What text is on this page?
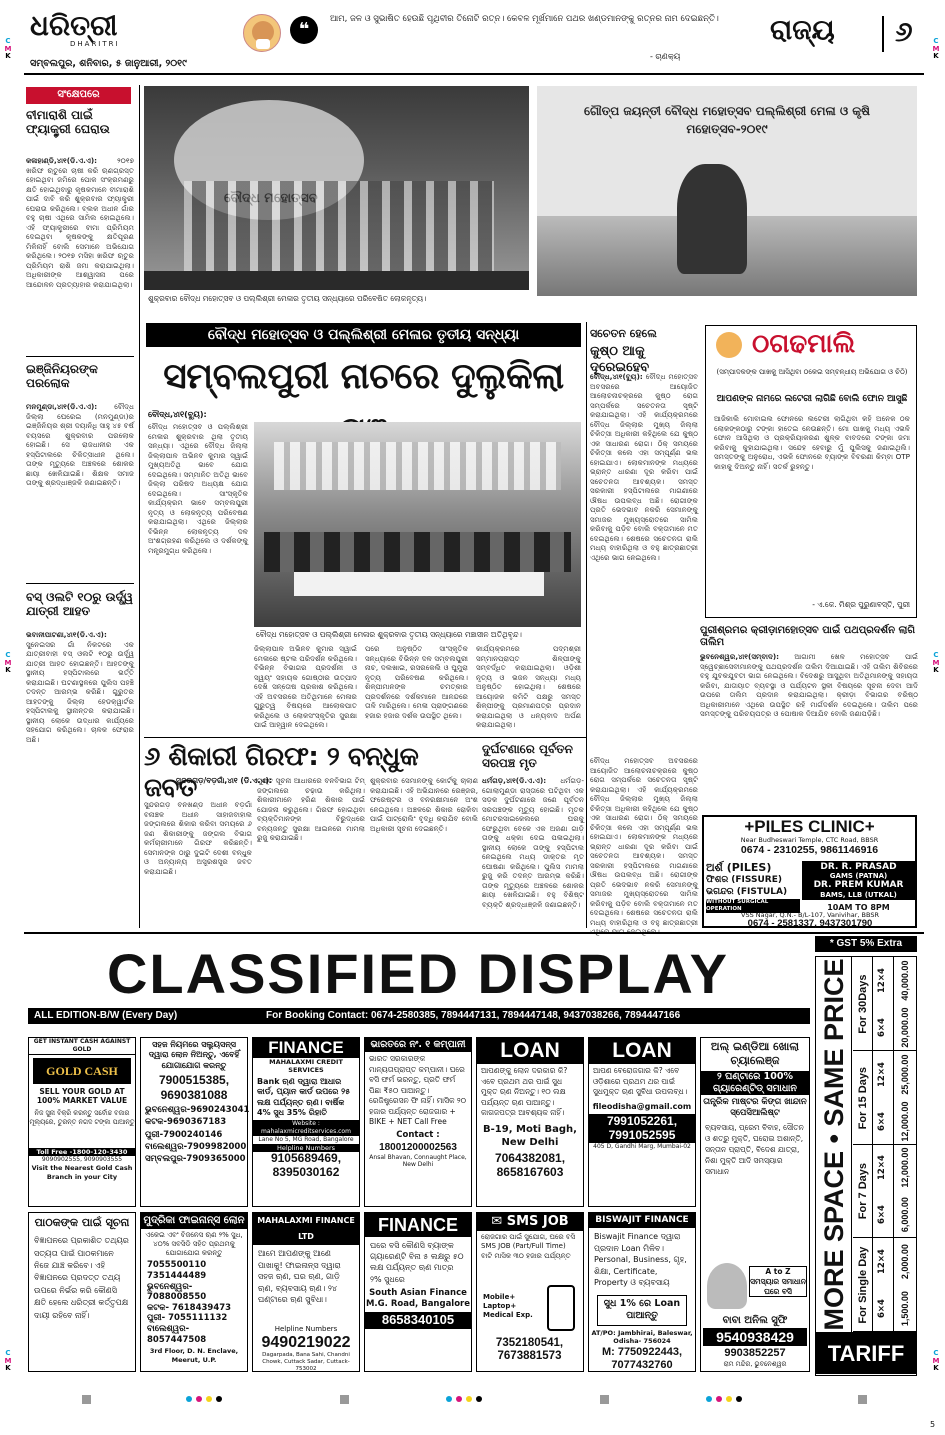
C
M
K
C
M
K
C
M
K
C
M
K
C
M
K
C
M
K
ଧରିତ୍ରୀ
DHARITRI
ସମ୍ବଲପୁର, ଶନିବାର, ୫ ଜାନୁଆରୀ, ୨୦୧୯
❝	ଆମ, ଜଳ ଓ ସୁଭାଷିତ ହେଉଛି ପୃଥିବୀର ତିନୋଟି ରତ୍ନ। କେବଳ ମୂର୍ଖମାନେ ପଥର ଖଣ୍ଡମାନଙ୍କୁ ରତ୍ନର ନାମ ଦେଇଛନ୍ତି।
- ଚାଣକ୍ୟ
ରାଜ୍ୟ ୬
ସଂକ୍ଷେପରେ
ବୀମାରାଶି ପାଇଁ ଫ୍ୟାକ୍ଟ୍ରୀ ଘେରାଉ
କଳାହାଣ୍ଡି,୪ା୧(ଡି.ଏ.ଏ):	୨୦୧୭ ଖରିଫ ଋତୁରେ ଚାଷୀ କରି ଋଣଗ୍ରସ୍ତ ହୋଇଥିବା ଜମିରେ ପୋକ ସଂକ୍ରମଣରୁ କ୍ଷତି ହୋଇଥିବାରୁ କୃଷକମାନେ ବୀମାରାଶି ପାଇଁ ଦାବି କରି ଶୁକ୍ରବାର ଫ୍ୟାକ୍ଟ୍ରୀ ଘେରାଉ କରିଥିଲେ। ବ୍ଲକ ଅଧୀନ ଗାଁର ବହୁ ଚାଷୀ ଏଥିରେ ସାମିଲ ହୋଇଥିଲେ। ଏହି ଫ୍ୟାକ୍ଟ୍ରୀରେ ବୀମା ପ୍ରିମିୟମ ଦେଇଥିବା କୃଷକଙ୍କୁ କ୍ଷତିପୂରଣ ମିଳିନାହିଁ ବୋଲି ସେମାନେ ଅଭିଯୋଗ କରିଥିଲେ। ୨୦୧୭ ମସିହା ଖରିଫ ଋତୁର ପ୍ରିମିୟମ ରାଶି ଜମା କରାଯାଇଥିଲା। ଅଧିକାରୀଙ୍କ ଆଶ୍ୱାସନା ପରେ ଆନ୍ଦୋଳନ ପ୍ରତ୍ୟାହାର କରାଯାଇଥିଲା।
ଇଞ୍ଜିନିୟରଙ୍କ ପରଲୋକ
ମନମୁଣ୍ଡା,୪ା୧(ଡି.ଏ.ଏ): ବୌଦ୍ଧ ଜିଲ୍ଲା ଘେରେଇ (ମନମୁଣ୍ଡା)ର ଇଞ୍ଜିନିୟର ଶ୍ରୀ ଦୟାନିଧି ସାହୁ ୪୫ ବର୍ଷ ବୟସରେ ଶୁକ୍ରବାର ପରଲୋକ ହୋଇଛି। ସେ ରାଜଧାନୀର ଏକ ହସ୍ପିଟାଲରେ ଚିକିତ୍ସାଧୀନ ଥିଲେ। ତାଙ୍କ ମୃତ୍ୟୁରେ ଅଞ୍ଚଳରେ ଶୋକର ଛାୟା ଖେଳିଯାଇଛି। ଶିକ୍ଷକ ସମାଜ ତାଙ୍କୁ ଶ୍ରଦ୍ଧାଞ୍ଜଳି ଜଣାଇଛନ୍ତି।
ବସ୍ ଓଲଟି ୧୦ରୁ ଉର୍ଦ୍ଧ୍ୱ ଯାତ୍ରୀ ଆହତ
ଭବାନୀପାଟଣା,୪ା୧(ଡି.ଏ.ଏ): ସୁନେଇସର ଗାଁ ନିକଟରେ ଏକ ଯାତ୍ରୀବାହୀ ବସ୍ ଓଲଟି ୧୦ରୁ ଉର୍ଦ୍ଧ୍ୱ ଯାତ୍ରୀ ଆହତ ହୋଇଛନ୍ତି। ଆହତଙ୍କୁ ସ୍ଥାନୀୟ ହସ୍ପିଟାଲରେ ଭର୍ତ୍ତି କରାଯାଇଛି। ଘଟଣାସ୍ଥଳରେ ପୁଲିସ ପହଞ୍ଚି ତଦନ୍ତ ଆରମ୍ଭ କରିଛି। ଗୁରୁତର ଆହତଙ୍କୁ ଜିଲ୍ଲା ହେଡକ୍ୱାର୍ଟର ହସ୍ପିଟାଲକୁ ସ୍ଥାନାନ୍ତର କରାଯାଇଛି। ସ୍ଥାନୀୟ ଲୋକେ ଉଦ୍ଧାର କାର୍ଯ୍ୟରେ ସହଯୋଗ କରିଥିଲେ। ଚାଳକ ଫେରାର ଅଛି।
ଗୌତ୍ପ ଜୟନ୍ତୀ ବୌଦ୍ଧ ମହୋତ୍ସବ ପଲ୍ଲିଶ୍ରୀ ମେଳା ଓ କୃଷି ମହୋତ୍ସବ-୨୦୧୯
ଶୁକ୍ରବାର ବୌଦ୍ଧ ମହୋତ୍ସବ ଓ ପଲ୍ଲିଶ୍ରୀ ମେଳାର ତୃତୀୟ ସନ୍ଧ୍ୟାରେ ପରିବେଷିତ ଲୋକନୃତ୍ୟ।
ବୌଦ୍ଧ ମହୋତ୍ସବ ଓ ପଲ୍ଲିଶ୍ରୀ ମେଳାର ତୃତୀୟ ସନ୍ଧ୍ୟା
ସମ୍ବଲପୁରୀ ନାଚରେ ଦୁଲୁକିଲା
ବୌଦ୍ଧ,୪ା୧(ବ୍ୟୁ):
ବୌଦ୍ଧ ମହୋତ୍ସବ ଓ ପଲ୍ଲିଶ୍ରୀ ମେଳାର ଶୁକ୍ରବାର ଥିଲା ତୃତୀୟ ସନ୍ଧ୍ୟା। ଏଥିରେ ବୌଦ୍ଧ ଜିଲ୍ଲା ଜିଲ୍ଲାପାଳ ଅଭିନବ କୁମାର ସ୍ୱାଇଁ ମୁଖ୍ୟଅତିଥି ଭାବେ ଯୋଗ ଦେଇଥିଲେ। ସମ୍ମାନିତ ଅତିଥି ଭାବେ ଜିଲ୍ଲା ପରିଷଦ ଅଧ୍ୟକ୍ଷ ଯୋଗ ଦେଇଥିଲେ। ସାଂସ୍କୃତିକ କାର୍ଯ୍ୟକ୍ରମ ଭାବେ ସମ୍ବଲପୁରୀ ନୃତ୍ୟ ଓ ଲୋକନୃତ୍ୟ ପରିବେଷଣ କରାଯାଇଥିଲା। ଏଥିରେ ଜିଲ୍ଲାର ବିଭିନ୍ନ ଲୋକନୃତ୍ୟ ଦଳ ଅଂଶଗ୍ରହଣ କରିଥିଲେ ଓ ଦର୍ଶକଙ୍କୁ ମନ୍ତ୍ରମୁଗ୍ଧ କରିଥିଲେ।
ବୌଦ୍ଧ ମହୋତ୍ସବ ଓ ପଲ୍ଲିଶ୍ରୀ ମେଳାର ଶୁକ୍ରବାର ତୃତୀୟ ସନ୍ଧ୍ୟାରେ ମଞ୍ଚାସୀନ ଅତିଥିବୃନ୍ଦ।
ଜିଲ୍ଲାପାଳ ଅଭିନବ କୁମାର ସ୍ୱାଇଁ ମେଳାରେ ଷ୍ଟଲ ପରିଦର୍ଶନ କରିଥିଲେ। ବିଭିନ୍ନ ବିଭାଗର ପ୍ରଦର୍ଶନୀ ଓ ସ୍ୱୟଂ ସହାୟକ ଗୋଷ୍ଠୀର ଉତ୍ପାଦ ଦେଖି ସନ୍ତୋଷ ପ୍ରକାଶ କରିଥିଲେ। ଏହି ଅବସରରେ ଅତିଥିମାନେ ମେଳାର ଗୁରୁତ୍ୱ ବିଷୟରେ ଆଲୋକପାତ କରିଥିଲେ ଓ ଲୋକସଂସ୍କୃତିର ସୁରକ୍ଷା ପାଇଁ ଆହ୍ୱାନ ଦେଇଥିଲେ।
ପରେ ଅନୁଷ୍ଠିତ ସାଂସ୍କୃତିକ ସନ୍ଧ୍ୟାରେ ବିଭିନ୍ନ ଦଳ ସମ୍ବଲପୁରୀ ନାଚ, ଦଲଖାଇ, ରସରକେଲି ଓ ଘୁମୁରା ନୃତ୍ୟ ପରିବେଷଣ କରିଥିଲେ। ଶିଳ୍ପୀମାନଙ୍କ ଚମତ୍କାର ପ୍ରଦର୍ଶନରେ ଦର୍ଶକମାନେ ଆନନ୍ଦରେ ତାଳି ମାରିଥିଲେ। ମେଳା ପ୍ରାଙ୍ଗଣରେ ହଜାର ହଜାର ଦର୍ଶକ ଉପସ୍ଥିତ ଥିଲେ।
କାର୍ଯ୍ୟକ୍ରମରେ ପଦ୍ମଶ୍ରୀ ସମ୍ମାନପ୍ରାପ୍ତ ଶିଳ୍ପୀଙ୍କୁ ସମ୍ବର୍ଦ୍ଧିତ କରାଯାଇଥିଲା। ଓଡ଼ିଶୀ ନୃତ୍ୟ ଓ ଭଜନ ସନ୍ଧ୍ୟା ମଧ୍ୟ ଅନୁଷ୍ଠିତ ହୋଇଥିଲା। ଶେଷରେ ଆୟୋଜକ କମିଟି ପକ୍ଷରୁ ସମସ୍ତ ଶିଳ୍ପୀଙ୍କୁ ପ୍ରମାଣପତ୍ର ପ୍ରଦାନ କରାଯାଇଥିଲା ଓ ଧନ୍ୟବାଦ ଅର୍ପଣ କରାଯାଇଥିଲା।
ସଚେତନ ହେଲେ
କୁଷ୍ଠ ଆକୁ ଦୂରେଇହେବ
ବୌଦ୍ଧ,୪ା୧(ବ୍ୟୁ): ବୌଦ୍ଧ ମହୋତ୍ସବ ଅବସରରେ ଆୟୋଜିତ ଆଲୋଚନାଚକ୍ରରେ କୁଷ୍ଠ ରୋଗ ସମ୍ପର୍କରେ ସଚେତନତା ସୃଷ୍ଟି କରାଯାଇଥିଲା। ଏହି କାର୍ଯ୍ୟକ୍ରମରେ ବୌଦ୍ଧ ଜିଲ୍ଲାର ମୁଖ୍ୟ ଜିଲ୍ଲା ଚିକିତ୍ସା ଅଧିକାରୀ କହିଥିଲେ ଯେ କୁଷ୍ଠ ଏକ ସାଧାରଣ ରୋଗ। ଠିକ୍ ସମୟରେ ଚିକିତ୍ସା କଲେ ଏହା ସମ୍ପୂର୍ଣ୍ଣ ଭଲ ହୋଇଯାଏ। ଲୋକମାନଙ୍କ ମଧ୍ୟରେ ଭ୍ରାନ୍ତ ଧାରଣା ଦୂର କରିବା ପାଇଁ ସଚେତନତା ଆବଶ୍ୟକ। ସମସ୍ତ ସରକାରୀ ହସ୍ପିଟାଲରେ ମାଗଣାରେ ଔଷଧ ଉପଲବ୍ଧ ଅଛି। ରୋଗୀଙ୍କ ପ୍ରତି ଭେଦଭାବ ନକରି ସେମାନଙ୍କୁ ସମାଜର ମୁଖ୍ୟସ୍ରୋତରେ ସାମିଲ କରିବାକୁ ପଡ଼ିବ ବୋଲି ବକ୍ତାମାନେ ମତ ଦେଇଥିଲେ। ଶେଷରେ ସଚେତନତା ରାଲି ମଧ୍ୟ ବାହାରିଥିଲା ଓ ବହୁ ଛାତ୍ରଛାତ୍ରୀ ଏଥିରେ ଭାଗ ନେଇଥିଲେ।
ଠଗଢମାଲି
(ସମ୍ପାଦକଙ୍କ ପାଖକୁ ଆସିଥିବା ଠକେଇ ସମ୍ବନ୍ଧୀୟ ଅଭିଯୋଗ ଓ ଚିଠି)
ଆପଣଙ୍କ ନାମରେ ଲଟେରୀ ଲାଗିଛି ବୋଲି ଫୋନ ଆସୁଛି
ଆଜିକାଲି ମୋବାଇଲ ଫୋନରେ ଲଟେରୀ ଲାଗିଥିବା କହି ଅନେକ ଠକ ଲୋକଙ୍କଠାରୁ ଟଙ୍କା ହାତେଇ ନେଉଛନ୍ତି। ମୋ ପାଖକୁ ମଧ୍ୟ ଏଭଳି ଫୋନ ଆସିଥିଲା ଓ ପ୍ରକ୍ରିୟାକରଣ ଶୁଳ୍କ ବାବଦରେ ଟଙ୍କା ଜମା କରିବାକୁ କୁହାଯାଇଥିଲା। ସନ୍ଦେହ ହେବାରୁ ମୁଁ ପୁଲିସକୁ ଜଣାଇଥିଲି। ସମସ୍ତଙ୍କୁ ଅନୁରୋଧ, ଏଭଳି ଫୋନରେ ବ୍ୟାଙ୍କ ବିବରଣୀ କିମ୍ବା OTP କାହାକୁ ଦିଅନ୍ତୁ ନାହିଁ। ସତର୍କ ରୁହନ୍ତୁ।
- ଏ.କେ. ମିଶ୍ର ପୁରୁଣାବସ୍ତି, ପୁରୀ
ପୁରୀଶ୍ରମର କ୍ରୀଡ଼ାମହୋତ୍ସବ ପାଇଁ ପଥପ୍ରଦର୍ଶନ ଲାଗି ତାଲିମ
ଭୁବନେଶ୍ୱର,୪ା୧(ସମ୍ବାଦ): ଆଗାମୀ ଖେଳ ମହୋତ୍ସବ ପାଇଁ ସ୍ୱେଚ୍ଛାସେବୀମାନଙ୍କୁ ପଥପ୍ରଦର୍ଶନ ତାଲିମ ଦିଆଯାଇଛି। ଏହି ତାଲିମ ଶିବିରରେ ବହୁ ଯୁବକଯୁବତୀ ଭାଗ ନେଇଥିଲେ। ବିଦେଶରୁ ଆସୁଥିବା ଅତିଥିମାନଙ୍କୁ ସହାୟତା କରିବା, ଯାତାୟାତ ବ୍ୟବସ୍ଥା ଓ ପର୍ଯ୍ୟଟନ ସ୍ଥଳୀ ବିଷୟରେ ସୂଚନା ଦେବା ଆଦି ଉପରେ ତାଲିମ ପ୍ରଦାନ କରାଯାଇଥିଲା। କ୍ରୀଡ଼ା ବିଭାଗର ବରିଷ୍ଠ ଅଧିକାରୀମାନେ ଏଥିରେ ଉପସ୍ଥିତ ରହି ମାର୍ଗଦର୍ଶନ ଦେଇଥିଲେ। ତାଲିମ ପରେ ସମସ୍ତଙ୍କୁ ପରିଚୟପତ୍ର ଓ ପୋଷାକ ଦିଆଯିବ ବୋଲି ଜଣାପଡ଼ିଛି।
+PILES CLINIC+
Near Budheswari Temple, CTC Road, BBSR
0674 - 2310255, 9861146916
ଅର୍ଶ (PILES)
ଫିଶର (FISSURE)
ଭଗନ୍ଦର (FISTULA)
WITHOUT SURGICAL OPERATION
DR. R. PRASAD
GAMS (PATNA)
DR. PREM KUMAR
BAMS, LLB (UTKAL)
10AM TO 8PM
VSS Nagar, Q.N.- B/L-107, Vanivihar, BBSR
0674 - 2581337, 9437301790
୬ ଶିକାରୀ ଗିରଫ: ୨ ବନ୍ଧୁକ ଜବତ
ସୁନ୍ଦରଗଡ଼/ବଡ଼ଗାଁ,୪ା୧ (ଡି.ଏ.ଏ):
ସୁନ୍ଦରଗଡ଼ ବନଖଣ୍ଡ ଅଧୀନ ବଡ଼ଗାଁ ବନାଞ୍ଚଳ ଅଧୀନ ସାହାଜବାହାଲ ଜଙ୍ଗଲରେ ଶିକାର କରିବା ସମୟରେ ୬ ଜଣ ଶିକାରୀଙ୍କୁ ଜଙ୍ଗଲ ବିଭାଗ କର୍ମଚାରୀମାନେ ଗିରଫ କରିଛନ୍ତି। ସେମାନଙ୍କ ଠାରୁ ଦୁଇଟି ଦେଶୀ ବନ୍ଧୁକ ଓ ଅନ୍ୟାନ୍ୟ ଅସ୍ତ୍ରଶସ୍ତ୍ର ଜବତ କରାଯାଇଛି।
ଗୁପ୍ତ ସୂଚନା ଆଧାରରେ ବନବିଭାଗ ଟିମ୍ ଜଙ୍ଗଲରେ ଚଢ଼ାଉ କରିଥିଲା। ଶିକାରୀମାନେ ହରିଣ ଶିକାର ପାଇଁ ଯୋଜନା କରୁଥିଲେ। ଗିରଫ ହୋଇଥିବା ବ୍ୟକ୍ତିମାନଙ୍କ ବିରୁଦ୍ଧରେ ବନ୍ୟଜନ୍ତୁ ସୁରକ୍ଷା ଆଇନରେ ମାମଲା ରୁଜୁ କରାଯାଇଛି।
ଶୁକ୍ରବାର ସେମାନଙ୍କୁ କୋର୍ଟକୁ ଚାଲାଣ କରାଯାଇଛି। ଏହି ଅଭିଯାନରେ ରେଞ୍ଜର, ଫରେଷ୍ଟର ଓ ବନରକ୍ଷୀମାନେ ଅଂଶ ନେଇଥିଲେ। ଅଞ୍ଚଳରେ ଶିକାର ରୋକିବା ପାଇଁ ପାଟ୍ରୋଲିଂ ବୃଦ୍ଧି କରାଯିବ ବୋଲି ଅଧିକାରୀ ସୂଚନା ଦେଇଛନ୍ତି।
ଦୁର୍ଘଟଣାରେ ପୂର୍ବତନ ସରପଞ୍ଚ ମୃତ
ଧର୍ମଗଡ଼,୪ା୧(ଡି.ଏ.ଏ): ଧର୍ମଗଡ଼-ଗୋଲାମୁଣ୍ଡା ରାସ୍ତାରେ ଘଟିଥିବା ଏକ ସଡ଼କ ଦୁର୍ଘଟଣାରେ ଜଣେ ପୂର୍ବତନ ସରପଞ୍ଚଙ୍କ ମୃତ୍ୟୁ ହୋଇଛି। ମୃତକ ମୋଟରସାଇକେଲରେ ଘରକୁ ଫେରୁଥିବା ବେଳେ ଏକ ଅଜଣା ଗାଡ଼ି ତାଙ୍କୁ ଧକ୍କା ଦେଇ ପଳାଇଥିଲା। ସ୍ଥାନୀୟ ଲୋକେ ତାଙ୍କୁ ହସ୍ପିଟାଲ ନେଇଥିଲେ ମଧ୍ୟ ଡାକ୍ତର ମୃତ ଘୋଷଣା କରିଥିଲେ। ପୁଲିସ ମାମଲା ରୁଜୁ କରି ତଦନ୍ତ ଆରମ୍ଭ କରିଛି। ତାଙ୍କ ମୃତ୍ୟୁରେ ଅଞ୍ଚଳରେ ଶୋକର ଛାୟା ଖେଳିଯାଇଛି। ବହୁ ବିଶିଷ୍ଟ ବ୍ୟକ୍ତି ଶ୍ରଦ୍ଧାଞ୍ଜଳି ଜଣାଇଛନ୍ତି।
ବୌଦ୍ଧ ମହୋତ୍ସବ ଅବସରରେ ଆୟୋଜିତ ଆଲୋଚନାଚକ୍ରରେ କୁଷ୍ଠ ରୋଗ ସମ୍ପର୍କରେ ସଚେତନତା ସୃଷ୍ଟି କରାଯାଇଥିଲା। ଏହି କାର୍ଯ୍ୟକ୍ରମରେ ବୌଦ୍ଧ ଜିଲ୍ଲାର ମୁଖ୍ୟ ଜିଲ୍ଲା ଚିକିତ୍ସା ଅଧିକାରୀ କହିଥିଲେ ଯେ କୁଷ୍ଠ ଏକ ସାଧାରଣ ରୋଗ। ଠିକ୍ ସମୟରେ ଚିକିତ୍ସା କଲେ ଏହା ସମ୍ପୂର୍ଣ୍ଣ ଭଲ ହୋଇଯାଏ। ଲୋକମାନଙ୍କ ମଧ୍ୟରେ ଭ୍ରାନ୍ତ ଧାରଣା ଦୂର କରିବା ପାଇଁ ସଚେତନତା ଆବଶ୍ୟକ। ସମସ୍ତ ସରକାରୀ ହସ୍ପିଟାଲରେ ମାଗଣାରେ ଔଷଧ ଉପଲବ୍ଧ ଅଛି। ରୋଗୀଙ୍କ ପ୍ରତି ଭେଦଭାବ ନକରି ସେମାନଙ୍କୁ ସମାଜର ମୁଖ୍ୟସ୍ରୋତରେ ସାମିଲ କରିବାକୁ ପଡ଼ିବ ବୋଲି ବକ୍ତାମାନେ ମତ ଦେଇଥିଲେ। ଶେଷରେ ସଚେତନତା ରାଲି ମଧ୍ୟ ବାହାରିଥିଲା ଓ ବହୁ ଛାତ୍ରଛାତ୍ରୀ
CLASSIFIED DISPLAY
ALL EDITION-B/W (Every Day)	For Booking Contact: 0674-2580385, 7894447131, 7894447148, 9437038266, 7894447166
* GST 5% Extra
MORE SPACE • SAME PRICE For 30Days 12×4	40,000.00
6×4	20,000.00
For 15 Days 12×4	25,000.00
6×4	12,000.00
For 7 Days 12×4	12,000.00
6×4	6,000.00
For Single Day 12×4	2,000.00
6×4	1,500.00
TARIFF
GET INSTANT CASH AGAINST GOLD
GOLD CASH
SELL YOUR GOLD AT 100% MARKET VALUE
ନିଜ ସୁନା ବିକ୍ରି କରନ୍ତୁ ସର୍ବୋଚ୍ଚ ବଜାର ମୂଲ୍ୟରେ, ତୁରନ୍ତ ନଗଦ ଟଙ୍କା ପାଆନ୍ତୁ
Toll Free -1800-120-3430
9090902555, 9090903555
Visit the Nearest Gold Cash Branch in your City
ସହଜ ନିୟମରେ ସଲ୍ୟୁସନ୍ସ ଦ୍ୱାରା ଲୋନ ନିଅନ୍ତୁ, ଏବେହିଁ ଯୋଗାଯୋଗ କରନ୍ତୁ
7900515385, 9690381088
ଭୁବନେଶ୍ୱର-9690243041
କଟକ-9690367183
ପୁରୀ-7900240146
ବାଲେଶ୍ୱର-7909982000
ସମ୍ବଲପୁର-7909365000
FINANCE
MAHALAXMI CREDIT SERVICES
Bank ଋଣ ଦ୍ୱାରା ଆଧାର କାର୍ଡ, ପ୍ୟାନ କାର୍ଡ ଉପରେ ୨୫ ଲକ୍ଷ ପର୍ଯ୍ୟନ୍ତ ଋଣ। ବାର୍ଷିକ 4% ସୁଧ 35% ରିହାତି
Website : mahalaxmicreditservices.com
Lane No 5, MG Road, Bangalore
Helpline Numbers
9105689469, 8395030162
ଭାରତରେ ନଂ. ୧ କମ୍ପାନୀ
ଭାରତ ସରକାରଙ୍କ ମାନ୍ୟତାପ୍ରାପ୍ତ କମ୍ପାନୀ। ଘରେ ବସି ଫର୍ମ ଭରନ୍ତୁ, ପ୍ରତି ଫର୍ମ ପିଛା ₹୫୦ ପାଆନ୍ତୁ। ରେଜିଷ୍ଟ୍ରେସନ ଫି ନାହିଁ। ମାସିକ ୨୦ ହଜାର ପର୍ଯ୍ୟନ୍ତ ରୋଜଗାର + BIKE + NET Call Free
Contact :
18001200002563
Ansal Bhavan, Connaught Place, New Delhi
LOAN
ଆପଣଙ୍କୁ ଲୋନ ଦରକାର କି? ଏବେ ପ୍ରଥମ ଥର ପାଇଁ ସୁଧ ମୁକ୍ତ ଋଣ ନିଅନ୍ତୁ। ୧୦ ଲକ୍ଷ ପର୍ଯ୍ୟନ୍ତ ଋଣ ପାଆନ୍ତୁ। କାଗଜପତ୍ର ଆବଶ୍ୟକ ନାହିଁ।
B-19, Moti Bagh, New Delhi
7064382081, 8658167603
LOAN
ଆପଣ ବେରୋଜଗାର କି? ଏବେ ଓଡ଼ିଶାରେ ପ୍ରଥମ ଥର ପାଇଁ ସୁଧମୁକ୍ତ ଋଣ ସୁବିଧା ଉପଲବ୍ଧ।
fileodisha@gmail.com
7991052261, 7991052595
405 D, Gandhi Marg, Mumbai-02
ଅଲ୍ ଇଣ୍ଡିଆ ଖୋଲା ଚ୍ୟାଲେଞ୍ଜ
୨ ଘଣ୍ଟାରେ 100% ଗ୍ୟାରେଣ୍ଟିଡ୍ ସମାଧାନ
ତାନ୍ତ୍ରିକ ମାଷ୍ଟର କିଙ୍ଗ ଖାନ୍ଦାନ ସ୍ପେସିଆଲିଷ୍ଟ
ବ୍ୟବସାୟ, ପ୍ରେମ ବିବାହ, ସୌତନ ଓ ଶତ୍ରୁ ମୁକ୍ତି, ଘରୋଇ ଅଶାନ୍ତି, ସନ୍ତାନ ପ୍ରାପ୍ତି, ବିଦେଶ ଯାତ୍ରା, ନିଶା ମୁକ୍ତି ଆଦି ସମସ୍ୟାର ସମାଧାନ
A to Z ସମସ୍ୟାର ସମାଧାନ ଘରେ ବସି
ବାବା ଅନିଲ ସୁଫି
9540938429
9903852257
ରାମ ମନ୍ଦିର, ଭୁବନେଶ୍ୱର
ପାଠକଙ୍କ ପାଇଁ ସୂଚନା
ବିଜ୍ଞାପନରେ ପ୍ରକାଶିତ ତଥ୍ୟର ସତ୍ୟତା ପାଇଁ ପାଠକମାନେ ନିଜେ ଯାଞ୍ଚ କରିବେ। ଏହି ବିଜ୍ଞାପନରେ ପ୍ରଦତ୍ତ ତଥ୍ୟ ଉପରେ ନିର୍ଭର କରି କୌଣସି କ୍ଷତି ହେଲେ ଧରିତ୍ରୀ କର୍ତ୍ତୃପକ୍ଷ ଦାୟୀ ରହିବେ ନାହିଁ।
ମୁଦ୍ରିକା ଫାଇନାନ୍ସ ଲୋନ
ଏକେଇ ଏବଂ ବିଜନେସ ଋଣ ୨% ସୁଧ, ୪୦% ସବସିଡି ସହିତ ପ୍ରଥମକୁ ଯୋଗାଯୋଗ କରନ୍ତୁ
7055500110
7351444489
ଭୁବନେଶ୍ୱର- 7088008550
କଟକ- 7618439473
ପୁରୀ- 7055111132
ବାଲେଶ୍ୱର- 8057447508
3rd Floor, D. N. Enclave, Meerut, U.P.
MAHALAXMI FINANCE LTD
ଆମେ ଆପଣଙ୍କୁ ଆଣେ ପାଖାକୁ! ଫାଇନାନ୍ସ ଦ୍ୱାରା ସହଜ ଋଣ, ଘର ଋଣ, ଗାଡ଼ି ଋଣ, ବ୍ୟବସାୟ ଋଣ। ୨୪ ଘଣ୍ଟାରେ ଋଣ ସୁବିଧା।
Helpline Numbers
9490219022
Dagarpada, Bana Sahi, Chandni Chowk, Cuttack Sadar, Cuttack-753002
FINANCE
ଘରେ ବସି କୌଣସି ବ୍ୟାଙ୍କ ଗ୍ୟାରେଣ୍ଟି ବିନା ୫ ଲକ୍ଷରୁ ୫୦ ଲକ୍ଷ ପର୍ଯ୍ୟନ୍ତ ଋଣ ମାତ୍ର ୨% ସୁଧରେ
South Asian Finance
M.G. Road, Bangalore
8658340105
✉ SMS JOB
ରୋଜଗାର ପାଇଁ ସୁଯୋଗ, ଘରେ ବସି SMS JOB (Part/Full Time) ବାଟି ମାସିକ ୩୦ ହଜାର ପର୍ଯ୍ୟନ୍ତ
Mobile+ Laptop+ Medical Exp.
7352180541, 7673881573
BISWAJIT FINANCE
Biswajit Finance ଦ୍ୱାରା ପ୍ରଦାନ Loan ମିଳିବ। Personal, Business, ଗୃହ, ଶିକ୍ଷା, Certificate, Property ଓ ବ୍ୟବସାୟ
ସୁଧ 1% ରେ Loan ପାଆନ୍ତୁ
AT/PO: Jambhirai, Baleswar, Odisha- 756024
M: 7750922443, 7077432760
5
